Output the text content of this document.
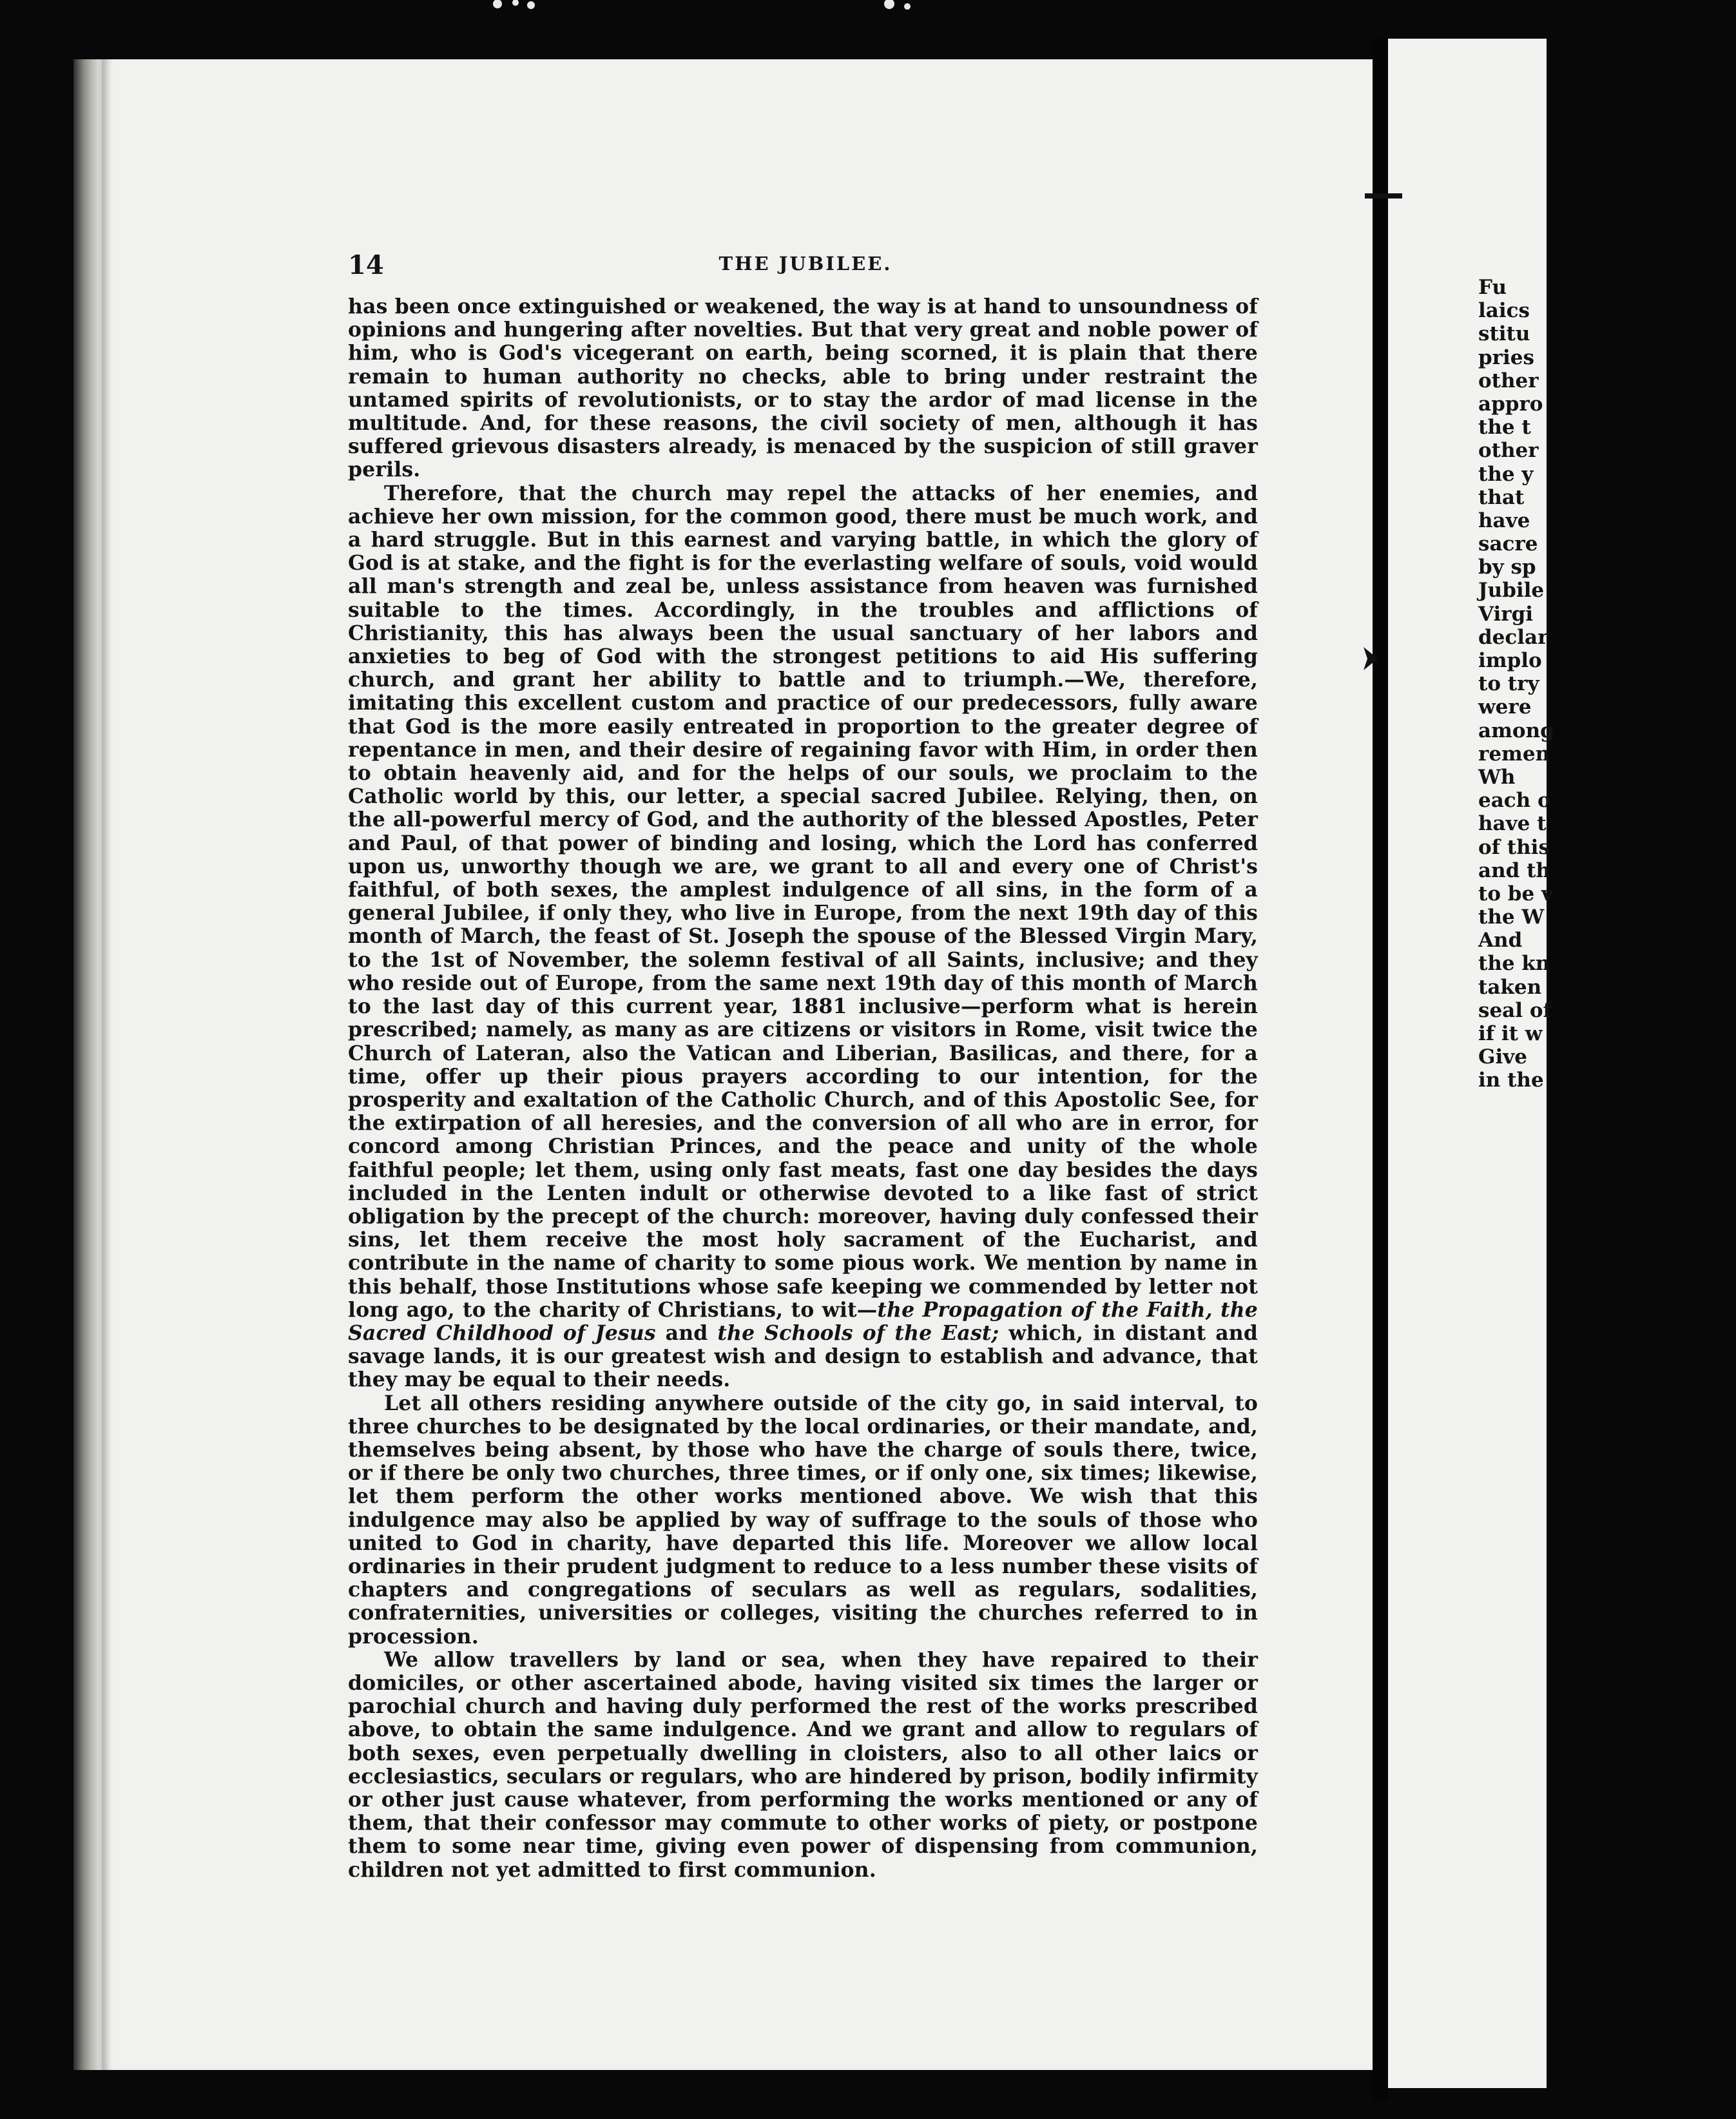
14	THE JUBILEE.

has been once extinguished or weakened, the way is at hand to unsoundness of opinions and hungering after novelties. But that very great and noble power of him, who is God's vicegerant on earth, being scorned, it is plain that there remain to human authority no checks, able to bring under restraint the untamed spirits of revolutionists, or to stay the ardor of mad license in the multitude. And, for these reasons, the civil society of men, although it has suffered grievous disasters already, is menaced by the suspicion of still graver perils.

Therefore, that the church may repel the attacks of her enemies, and achieve her own mission, for the common good, there must be much work, and a hard struggle. But in this earnest and varying battle, in which the glory of God is at stake, and the fight is for the everlasting welfare of souls, void would all man's strength and zeal be, unless assistance from heaven was furnished suitable to the times. Accordingly, in the troubles and afflictions of Christianity, this has always been the usual sanctuary of her labors and anxieties to beg of God with the strongest petitions to aid His suffering church, and grant her ability to battle and to triumph.—We, therefore, imitating this excellent custom and practice of our predecessors, fully aware that God is the more easily entreated in proportion to the greater degree of repentance in men, and their desire of regaining favor with Him, in order then to obtain heavenly aid, and for the helps of our souls, we proclaim to the Catholic world by this, our letter, a special sacred Jubilee. Relying, then, on the all-powerful mercy of God, and the authority of the blessed Apostles, Peter and Paul, of that power of binding and losing, which the Lord has conferred upon us, unworthy though we are, we grant to all and every one of Christ's faithful, of both sexes, the amplest indulgence of all sins, in the form of a general Jubilee, if only they, who live in Europe, from the next 19th day of this month of March, the feast of St. Joseph the spouse of the Blessed Virgin Mary, to the 1st of November, the solemn festival of all Saints, inclusive; and they who reside out of Europe, from the same next 19th day of this month of March to the last day of this current year, 1881 inclusive—perform what is herein prescribed; namely, as many as are citizens or visitors in Rome, visit twice the Church of Lateran, also the Vatican and Liberian, Basilicas, and there, for a time, offer up their pious prayers according to our intention, for the prosperity and exaltation of the Catholic Church, and of this Apostolic See, for the extirpation of all heresies, and the conversion of all who are in error, for concord among Christian Princes, and the peace and unity of the whole faithful people; let them, using only fast meats, fast one day besides the days included in the Lenten indult or otherwise devoted to a like fast of strict obligation by the precept of the church: moreover, having duly confessed their sins, let them receive the most holy sacrament of the Eucharist, and contribute in the name of charity to some pious work. We mention by name in this behalf, those Institutions whose safe keeping we commended by letter not long ago, to the charity of Christians, to wit—the Propagation of the Faith, the Sacred Childhood of Jesus and the Schools of the East; which, in distant and savage lands, it is our greatest wish and design to establish and advance, that they may be equal to their needs.

Let all others residing anywhere outside of the city go, in said interval, to three churches to be designated by the local ordinaries, or their mandate, and, themselves being absent, by those who have the charge of souls there, twice, or if there be only two churches, three times, or if only one, six times; likewise, let them perform the other works mentioned above. We wish that this indulgence may also be applied by way of suffrage to the souls of those who united to God in charity, have departed this life. Moreover we allow local ordinaries in their prudent judgment to reduce to a less number these visits of chapters and congregations of seculars as well as regulars, sodalities, confraternities, universities or colleges, visiting the churches referred to in procession.

We allow travellers by land or sea, when they have repaired to their domiciles, or other ascertained abode, having visited six times the larger or parochial church and having duly performed the rest of the works prescribed above, to obtain the same indulgence. And we grant and allow to regulars of both sexes, even perpetually dwelling in cloisters, also to all other laics or ecclesiastics, seculars or regulars, who are hindered by prison, bodily infirmity or other just cause whatever, from performing the works mentioned or any of them, that their confessor may commute to other works of piety, or postpone them to some near time, giving even power of dispensing from communion, children not yet admitted to first communion.

Fu
laics
stitu
pries
other
appro
the t
other
the y
that
have
sacre
by sp
Jubile
Virgi
declar
implo
to try
were
among
remen
Wh
each o
have t
of this
and th
to be v
the W
And
the kn
taken
seal of
if it w
Give
in the
